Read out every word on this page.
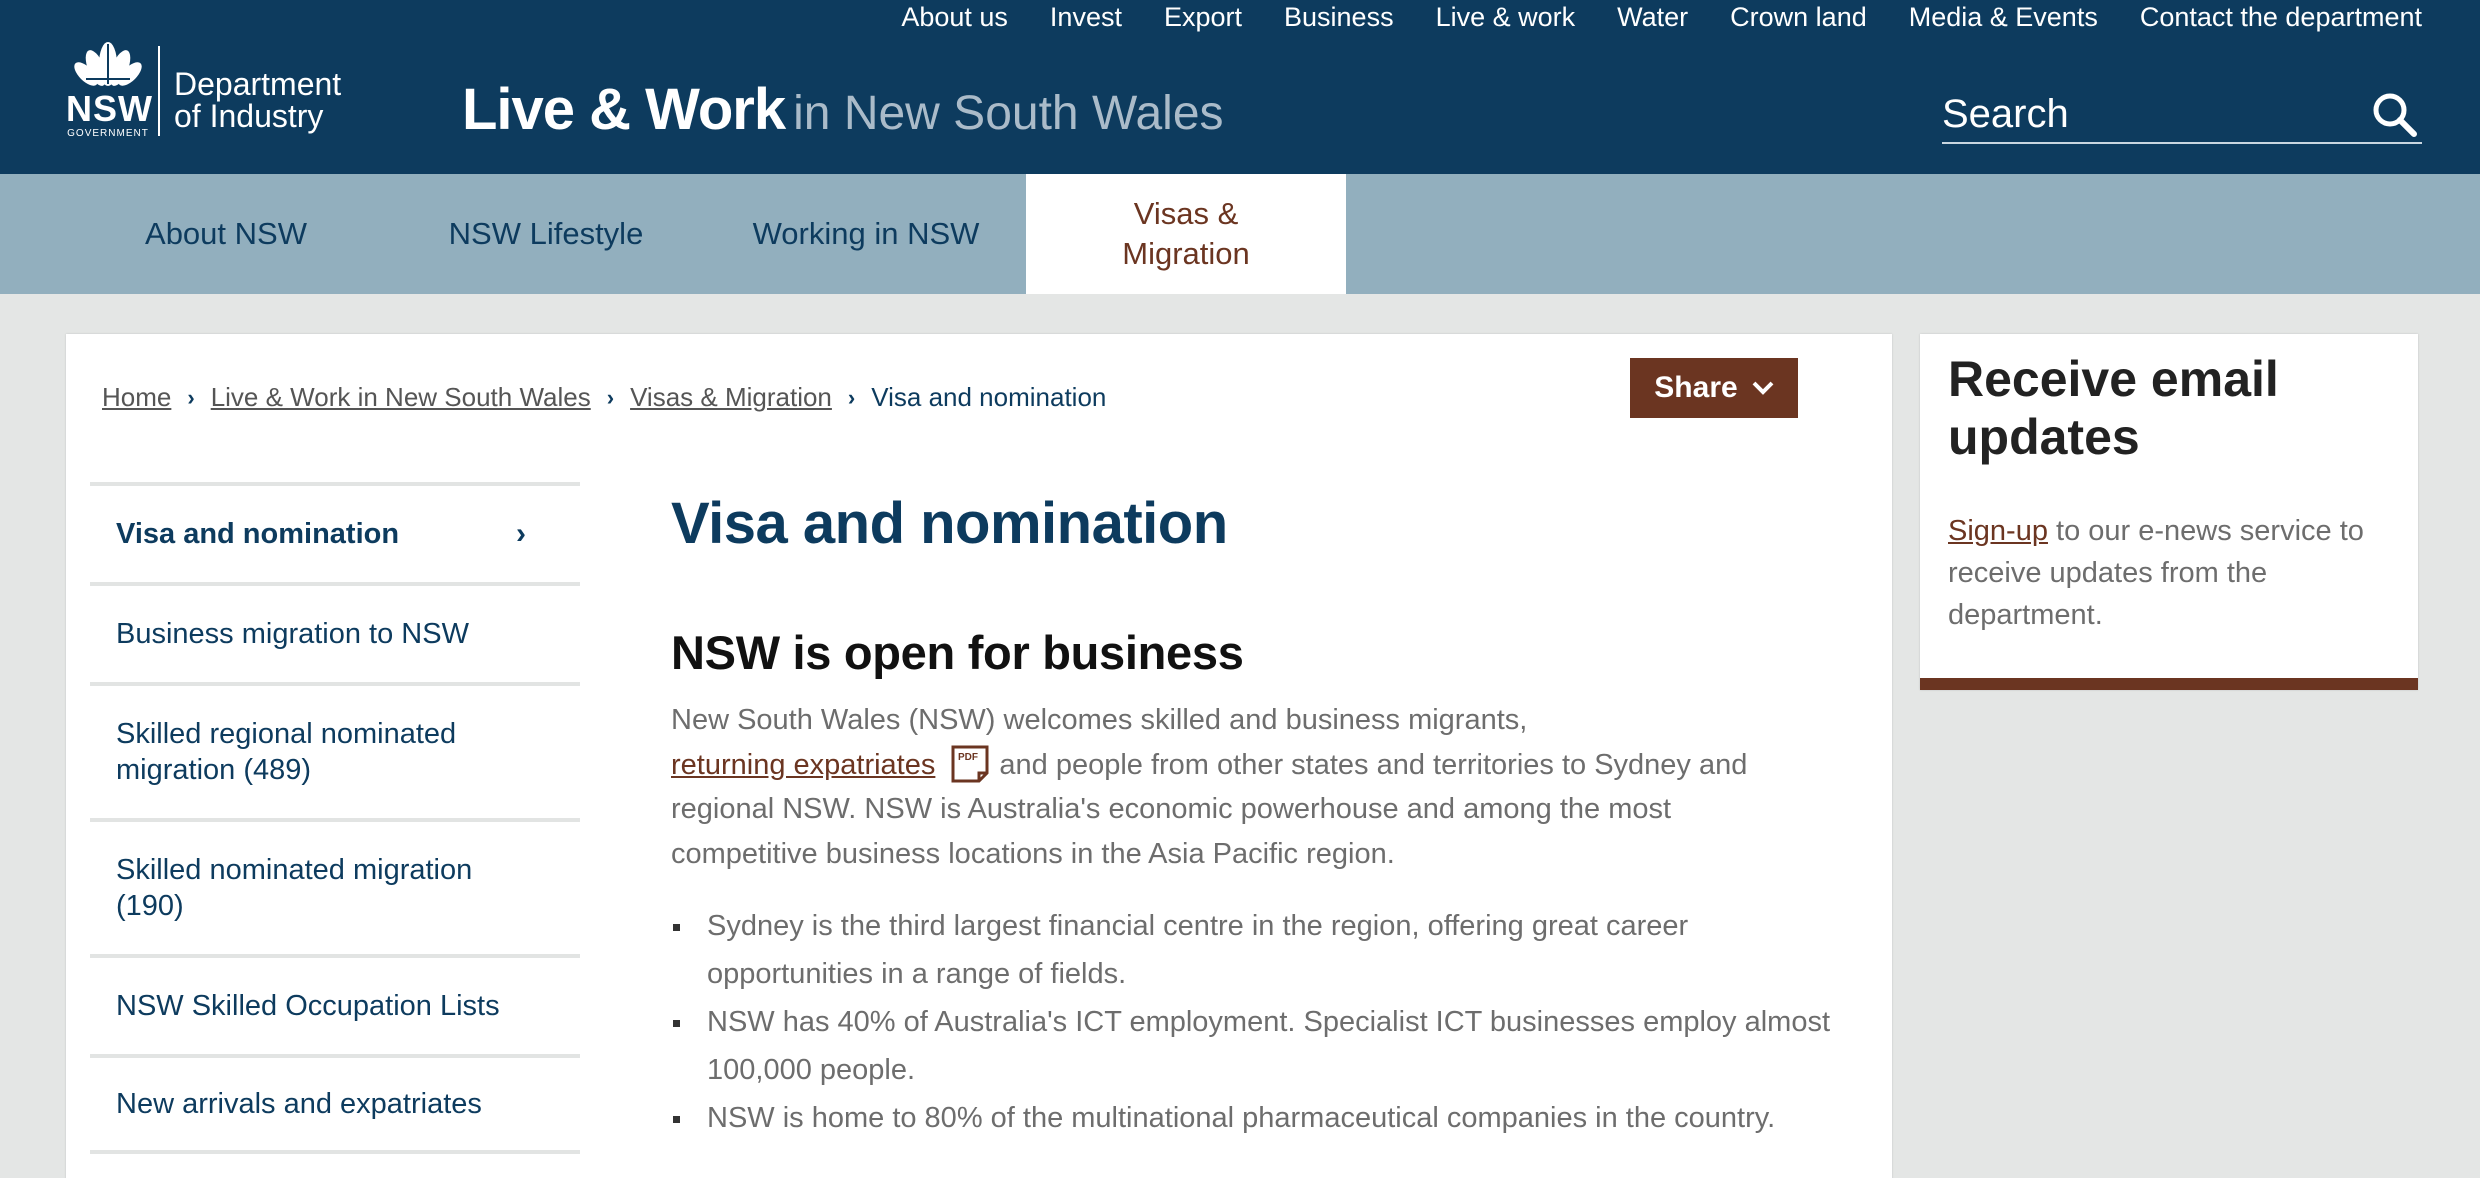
NSW
GOVERNMENT
Department
of Industry
About us Invest Export Business Live & work Water Crown land Media & Events Contact the department
Live & Work in New South Wales
Search
About NSW	NSW Lifestyle	Working in NSW
Visas & Migration
Home › Live & Work in New South Wales › Visas & Migration › Visa and nomination	Share
Visa and nomination	›
Business migration to NSW
Skilled regional nominated migration (489)
Skilled nominated migration (190)
NSW Skilled Occupation Lists
New arrivals and expatriates
Visa and nomination
NSW is open for business

New South Wales (NSW) welcomes skilled and business migrants,
returning expatriates PDF and people from other states and territories to Sydney and regional NSW. NSW is Australia's economic powerhouse and among the most competitive business locations in the Asia Pacific region.

Sydney is the third largest financial centre in the region, offering great career opportunities in a range of fields.
NSW has 40% of Australia's ICT employment. Specialist ICT businesses employ almost 100,000 people.
NSW is home to 80% of the multinational pharmaceutical companies in the country.
Receive email updates
Sign-up to our e-news service to receive updates from the department.
